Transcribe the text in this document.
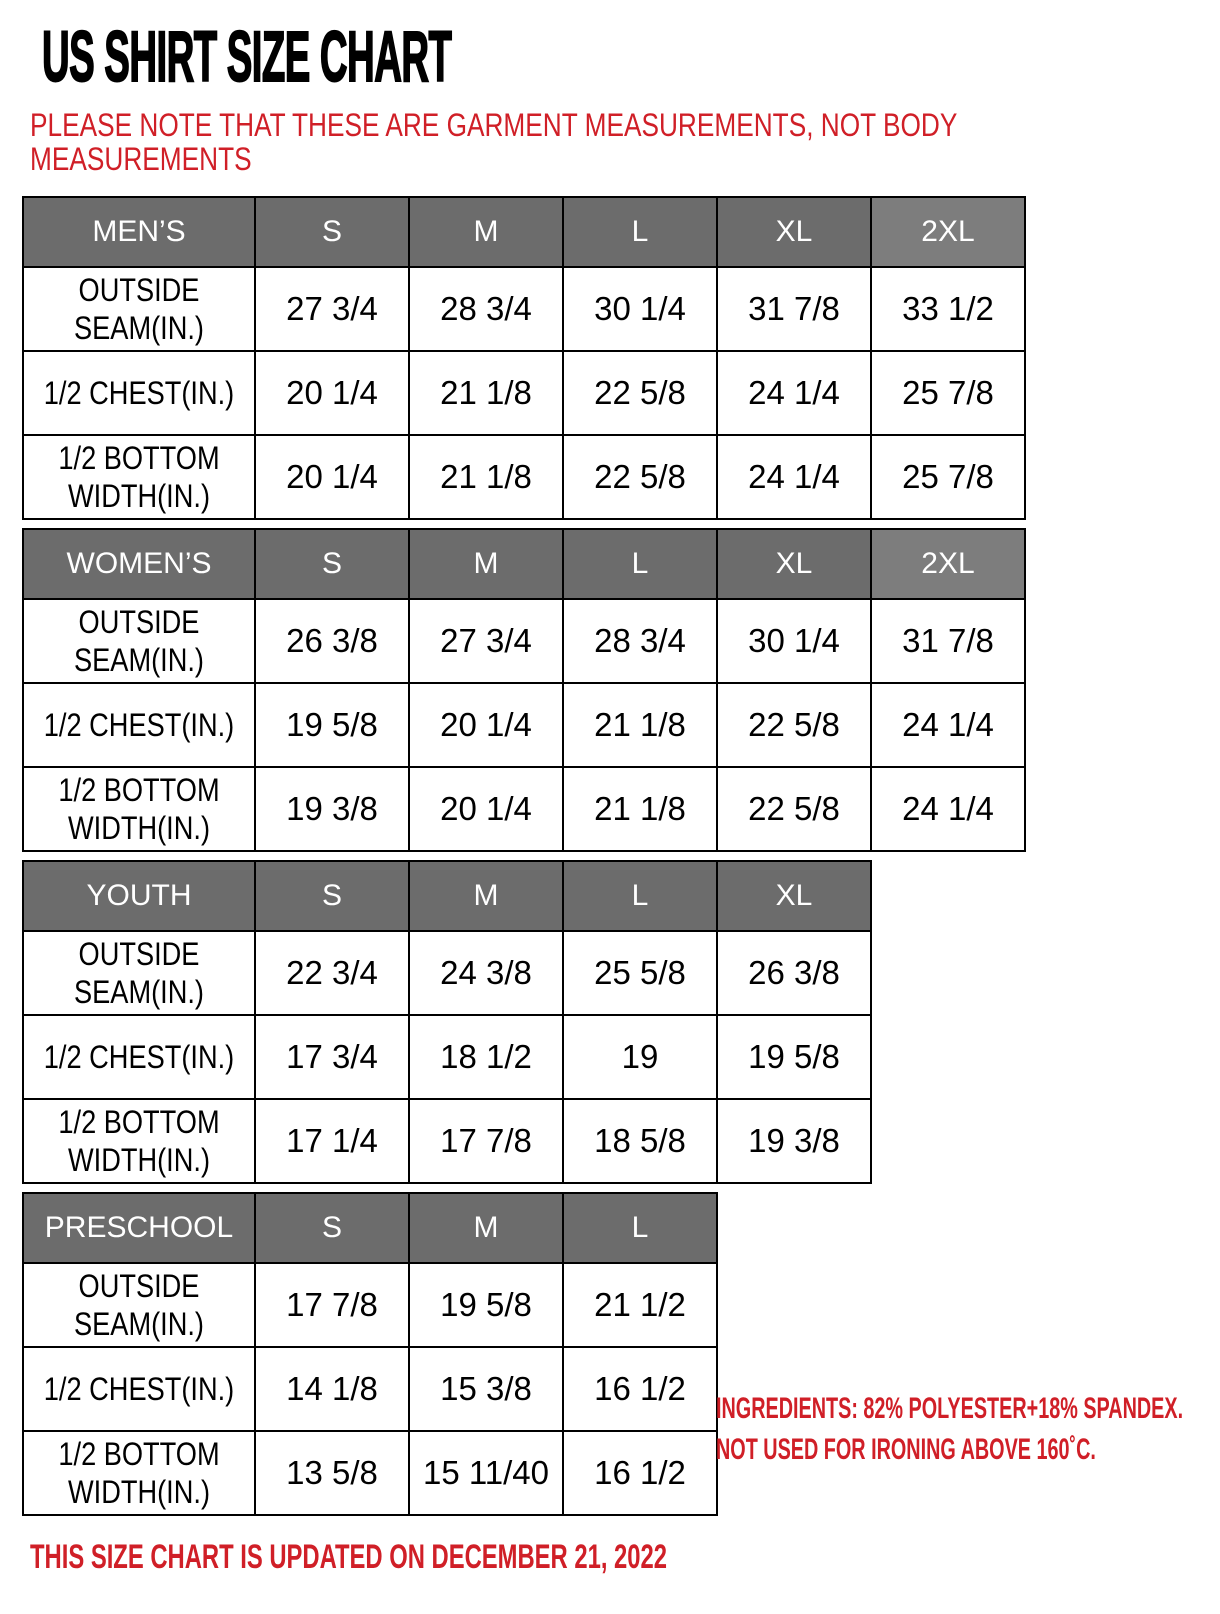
US SHIRT SIZE CHART
PLEASE NOTE THAT THESE ARE GARMENT MEASUREMENTS, NOT BODY
MEASUREMENTS
MEN’S	S	M	L	XL	2XL

OUTSIDE
SEAM(IN.)	27 3/4	28 3/4	30 1/4	31 7/8	33 1/2

1/2 CHEST(IN.)	20 1/4	21 1/8	22 5/8	24 1/4	25 7/8

1/2 BOTTOM
WIDTH(IN.)	20 1/4	21 1/8	22 5/8	24 1/4	25 7/8
WOMEN’S	S	M	L	XL	2XL

OUTSIDE
SEAM(IN.)	26 3/8	27 3/4	28 3/4	30 1/4	31 7/8

1/2 CHEST(IN.)	19 5/8	20 1/4	21 1/8	22 5/8	24 1/4

1/2 BOTTOM
WIDTH(IN.)	19 3/8	20 1/4	21 1/8	22 5/8	24 1/4
YOUTH	S	M	L	XL

OUTSIDE
SEAM(IN.)	22 3/4	24 3/8	25 5/8	26 3/8

1/2 CHEST(IN.)	17 3/4	18 1/2	19	19 5/8

1/2 BOTTOM
WIDTH(IN.)	17 1/4	17 7/8	18 5/8	19 3/8
PRESCHOOL	S	M	L

OUTSIDE
SEAM(IN.)	17 7/8	19 5/8	21 1/2

1/2 CHEST(IN.)	14 1/8	15 3/8	16 1/2

1/2 BOTTOM
WIDTH(IN.)	13 5/8	15 11/40	16 1/2
INGREDIENTS: 82% POLYESTER+18% SPANDEX.
NOT USED FOR IRONING ABOVE 160˚C.
THIS SIZE CHART IS UPDATED ON DECEMBER 21, 2022
